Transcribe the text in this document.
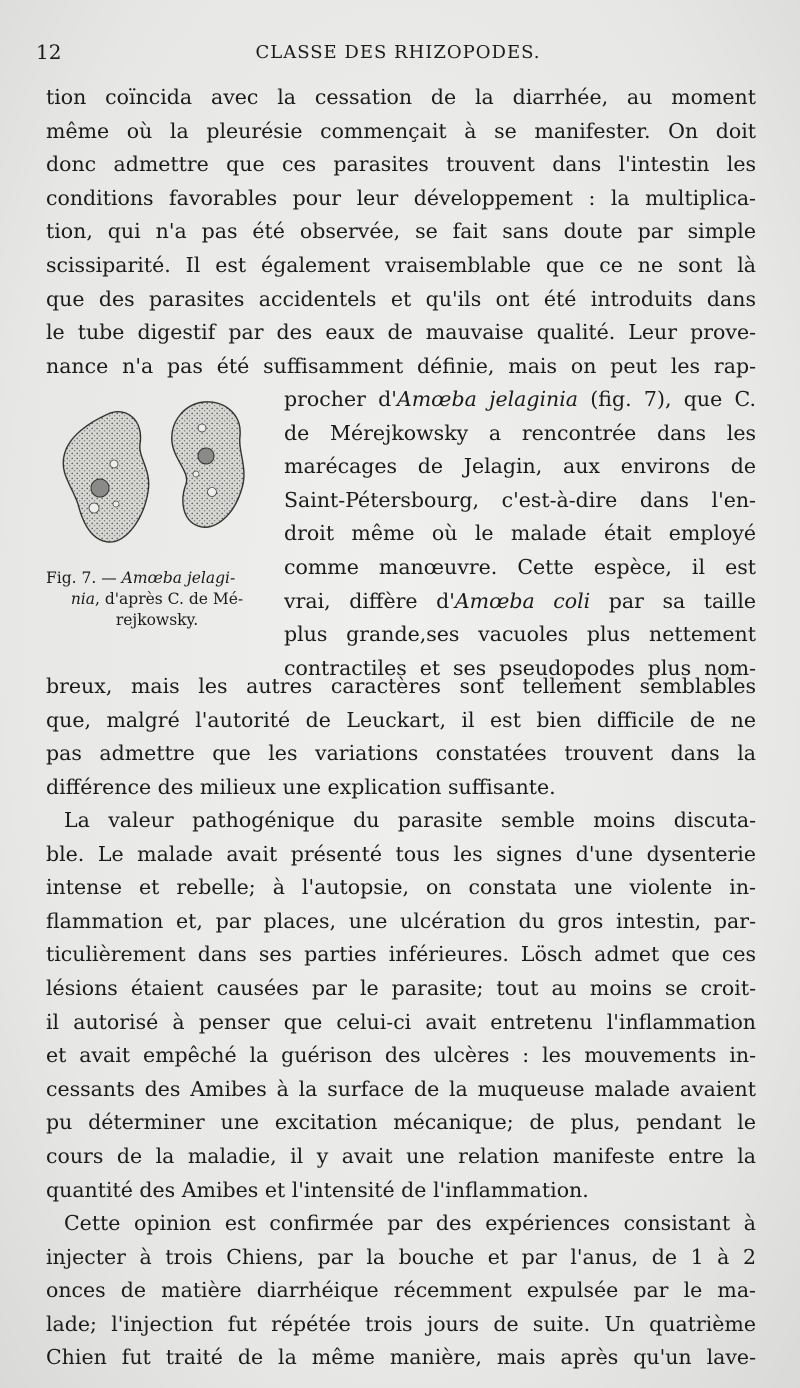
12	CLASSE DES RHIZOPODES.
tion coïncida avec la cessation de la diarrhée, au moment
même où la pleurésie commençait à se manifester. On doit
donc admettre que ces parasites trouvent dans l'intestin les
conditions favorables pour leur développement : la multiplica-
tion, qui n'a pas été observée, se fait sans doute par simple
scissiparité. Il est également vraisemblable que ce ne sont là
que des parasites accidentels et qu'ils ont été introduits dans
le tube digestif par des eaux de mauvaise qualité. Leur prove-
nance n'a pas été suffisamment définie, mais on peut les rap-
Fig. 7. — Amœba jelagi-
nia, d'après C. de Mé-
rejkowsky.
procher d'Amœba jelaginia (fig. 7), que C.
de Mérejkowsky a rencontrée dans les
marécages de Jelagin, aux environs de
Saint-Pétersbourg, c'est-à-dire dans l'en-
droit même où le malade était employé
comme manœuvre. Cette espèce, il est
vrai, diffère d'Amœba coli par sa taille
plus grande,ses vacuoles plus nettement
contractiles et ses pseudopodes plus nom-
breux, mais les autres caractères sont tellement semblables
que, malgré l'autorité de Leuckart, il est bien difficile de ne
pas admettre que les variations constatées trouvent dans la
différence des milieux une explication suffisante.
La valeur pathogénique du parasite semble moins discuta-
ble. Le malade avait présenté tous les signes d'une dysenterie
intense et rebelle; à l'autopsie, on constata une violente in-
flammation et, par places, une ulcération du gros intestin, par-
ticulièrement dans ses parties inférieures. Lösch admet que ces
lésions étaient causées par le parasite; tout au moins se croit-
il autorisé à penser que celui-ci avait entretenu l'inflammation
et avait empêché la guérison des ulcères : les mouvements in-
cessants des Amibes à la surface de la muqueuse malade avaient
pu déterminer une excitation mécanique; de plus, pendant le
cours de la maladie, il y avait une relation manifeste entre la
quantité des Amibes et l'intensité de l'inflammation.
Cette opinion est confirmée par des expériences consistant à
injecter à trois Chiens, par la bouche et par l'anus, de 1 à 2
onces de matière diarrhéique récemment expulsée par le ma-
lade; l'injection fut répétée trois jours de suite. Un quatrième
Chien fut traité de la même manière, mais après qu'un lave-
